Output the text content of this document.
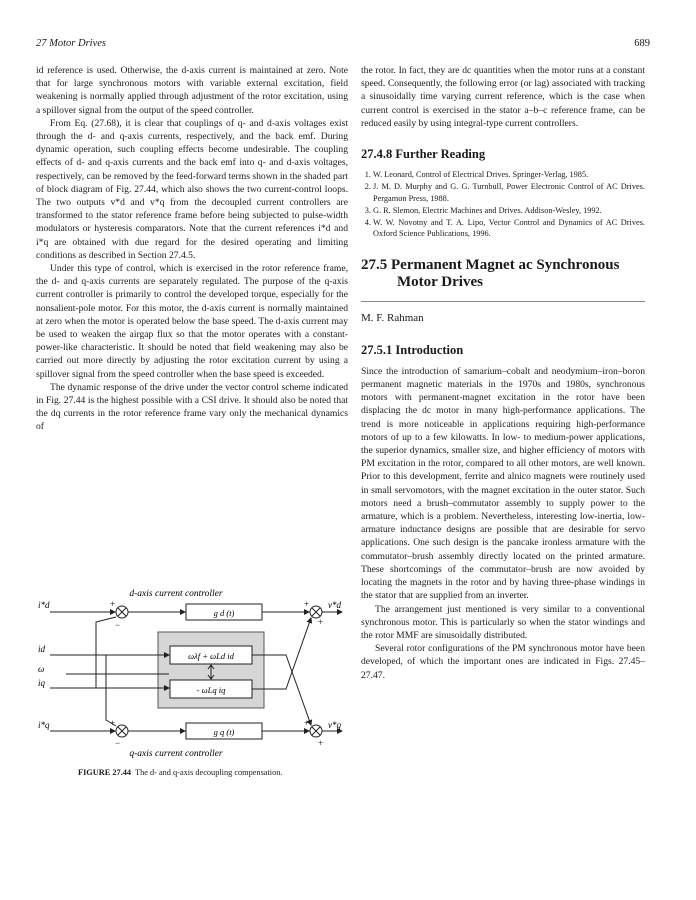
27 Motor Drives	689

id reference is used. Otherwise, the d-axis current is maintained at zero. Note that for large synchronous motors with variable external excitation, field weakening is normally applied through adjustment of the rotor excitation, using a spillover signal from the output of the speed controller.

From Eq. (27.68), it is clear that couplings of q- and d-axis voltages exist through the d- and q-axis currents, respectively, and the back emf. During dynamic operation, such coupling effects become undesirable. The coupling effects of d- and q-axis currents and the back emf into q- and d-axis voltages, respectively, can be removed by the feed-forward terms shown in the shaded part of block diagram of Fig. 27.44, which also shows the two current-control loops. The two outputs v*d and v*q from the decoupled current controllers are transformed to the stator reference frame before being subjected to pulse-width modulators or hysteresis comparators. Note that the current references i*d and i*q are obtained with due regard for the desired operating and limiting conditions as described in Section 27.4.5.

Under this type of control, which is exercised in the rotor reference frame, the d- and q-axis currents are separately regulated. The purpose of the q-axis current controller is primarily to control the developed torque, especially for the nonsalient-pole motor. For this motor, the d-axis current is normally maintained at zero when the motor is operated below the base speed. The d-axis current may be used to weaken the airgap flux so that the motor operates with a constant-power-like characteristic. It should be noted that field weakening may also be carried out more directly by adjusting the rotor excitation current by using a spillover signal from the speed controller when the base speed is exceeded.

The dynamic response of the drive under the vector control scheme indicated in Fig. 27.44 is the highest possible with a CSI drive. It should also be noted that the dq currents in the rotor reference frame vary only the mechanical dynamics of

d-axis current controller
q-axis current controller
ωλf + ωLd id
- ωLq iq
g d (t)
g q (t)
i*d
id
ω
iq
i*q
v*d
v*q
+
−
+
−
+
+
+
+
FIGURE 27.44 The d- and q-axis decoupling compensation.

the rotor. In fact, they are dc quantities when the motor runs at a constant speed. Consequently, the following error (or lag) associated with tracking a sinusoidally time varying current reference, which is the case when current control is exercised in the stator a–b–c reference frame, can be reduced easily by using integral-type current controllers.

27.4.8 Further Reading
1. W. Leonard, Control of Electrical Drives. Springer-Verlag, 1985.
2. J. M. D. Murphy and G. G. Turnbull, Power Electronic Control of AC Drives. Pergamon Press, 1988.
3. G. R. Slemon, Electric Machines and Drives. Addison-Wesley, 1992.
4. W. W. Novotny and T. A. Lipo, Vector Control and Dynamics of AC Drives. Oxford Science Publications, 1996.
27.5 Permanent Magnet ac Synchronous
Motor Drives
M. F. Rahman
27.5.1 Introduction

Since the introduction of samarium–cobalt and neodymium–iron–boron permanent magnetic materials in the 1970s and 1980s, synchronous motors with permanent-magnet excitation in the rotor have been displacing the dc motor in many high-performance applications. The trend is more noticeable in applications requiring high-performance motors of up to a few kilowatts. In low- to medium-power applications, the superior dynamics, smaller size, and higher efficiency of motors with PM excitation in the rotor, compared to all other motors, are well known. Prior to this development, ferrite and alnico magnets were routinely used in small servomotors, with the magnet excitation in the outer stator. Such motors need a brush–commutator assembly to supply power to the armature, which is a problem. Nevertheless, interesting low-inertia, low-armature inductance designs are possible that are desirable for servo applications. One such design is the pancake ironless armature with the commutator–brush assembly directly located on the printed armature. These shortcomings of the commutator–brush are now avoided by locating the magnets in the rotor and by having three-phase windings in the stator that are supplied from an inverter.

The arrangement just mentioned is very similar to a conventional synchronous motor. This is particularly so when the stator windings and the rotor MMF are sinusoidally distributed.

Several rotor configurations of the PM synchronous motor have been developed, of which the important ones are indicated in Figs. 27.45–27.47.
